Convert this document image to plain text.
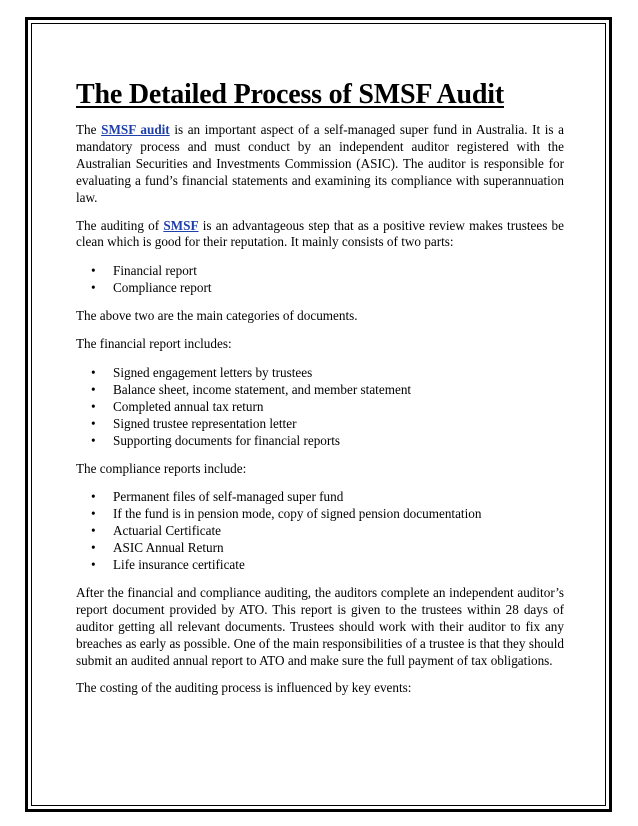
The Detailed Process of SMSF Audit

The SMSF audit is an important aspect of a self-managed super fund in Australia. It is a mandatory process and must conduct by an independent auditor registered with the Australian Securities and Investments Commission (ASIC). The auditor is responsible for evaluating a fund’s financial statements and examining its compliance with superannuation law.

The auditing of SMSF is an advantageous step that as a positive review makes trustees be clean which is good for their reputation. It mainly consists of two parts:

• Financial report
• Compliance report

The above two are the main categories of documents.

The financial report includes:

• Signed engagement letters by trustees
• Balance sheet, income statement, and member statement
• Completed annual tax return
• Signed trustee representation letter
• Supporting documents for financial reports

The compliance reports include:

• Permanent files of self-managed super fund
• If the fund is in pension mode, copy of signed pension documentation
• Actuarial Certificate
• ASIC Annual Return
• Life insurance certificate

After the financial and compliance auditing, the auditors complete an independent auditor’s report document provided by ATO. This report is given to the trustees within 28 days of auditor getting all relevant documents. Trustees should work with their auditor to fix any breaches as early as possible. One of the main responsibilities of a trustee is that they should submit an audited annual report to ATO and make sure the full payment of tax obligations.

The costing of the auditing process is influenced by key events:
